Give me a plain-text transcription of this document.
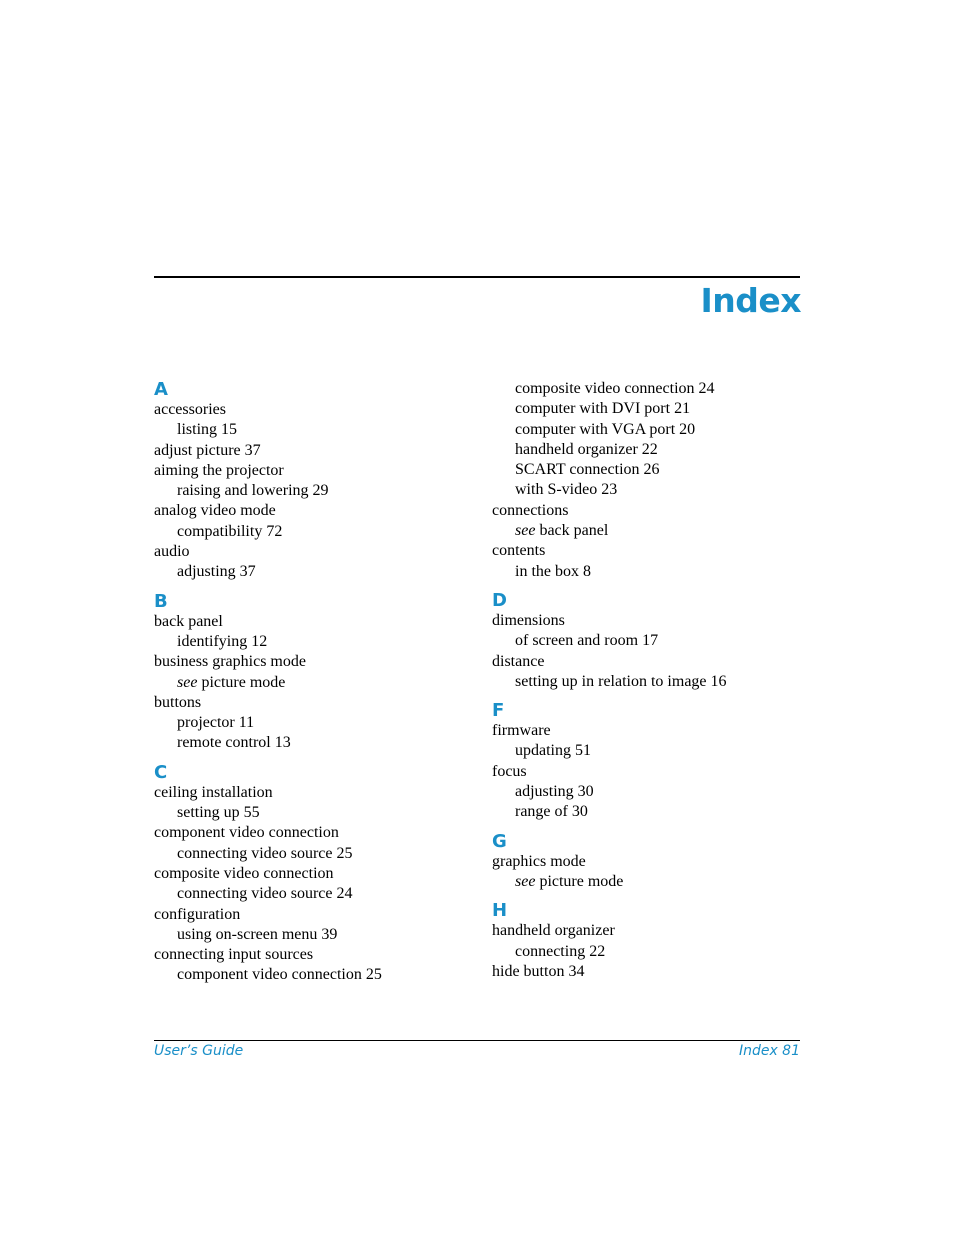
Index
A
accessories
listing 15
adjust picture 37
aiming the projector
raising and lowering 29
analog video mode
compatibility 72
audio
adjusting 37
B
back panel
identifying 12
business graphics mode
see picture mode
buttons
projector 11
remote control 13
C
ceiling installation
setting up 55
component video connection
connecting video source 25
composite video connection
connecting video source 24
configuration
using on-screen menu 39
connecting input sources
component video connection 25
composite video connection 24
computer with DVI port 21
computer with VGA port 20
handheld organizer 22
SCART connection 26
with S-video 23
connections
see back panel
contents
in the box 8
D
dimensions
of screen and room 17
distance
setting up in relation to image 16
F
firmware
updating 51
focus
adjusting 30
range of 30
G
graphics mode
see picture mode
H
handheld organizer
connecting 22
hide button 34
User’s Guide	Index 81
